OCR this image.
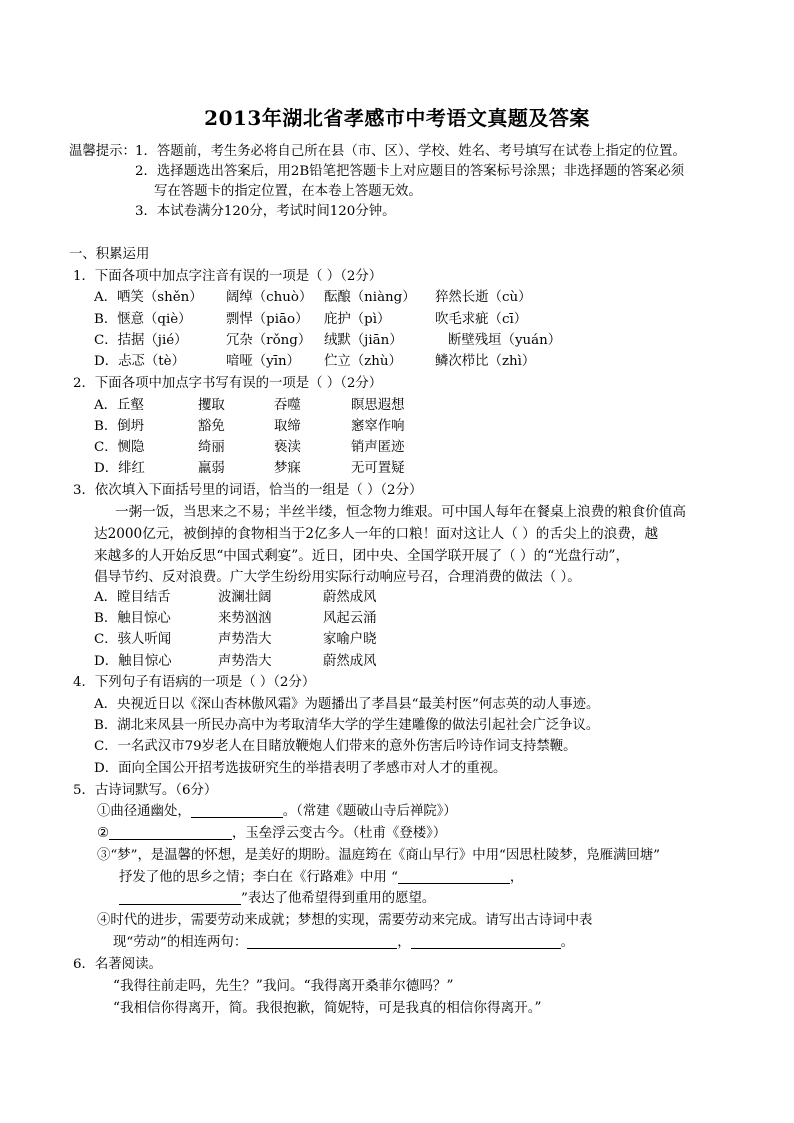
2013年湖北省孝感市中考语文真题及答案
温馨提示： 1．答题前，考生务必将自己所在县（市、区）、学校、姓名、考号填写在试卷上指定的位置。
2．选择题选出答案后，用2B铅笔把答题卡上对应题目的答案标号涂黑；非选择题的答案必须
写在答题卡的指定位置，在本卷上答题无效。
3．本试卷满分120分，考试时间120分钟。
一、积累运用
1．下面各项中加点字注音有误的一项是（ ）（2分）
A．哂笑（shěn） 阔绰（chuò） 酝酿（niàng） 猝然长逝（cù）
B．惬意（qiè）	剽悍（piāo） 庇护（pì）	吹毛求疵（cī）
C．拮据（jié）	冗杂（rǒng） 绒默（jiān）	断壁残垣（yuán）
D．忐忑（tè）	喑哑（yīn） 伫立（zhù） 鳞次栉比（zhì）
2．下面各项中加点字书写有误的一项是（ ）（2分）
A．丘壑	攫取	吞噬	瞑思遐想
B．倒坍	豁免	取缔	窸窣作响
C．恻隐	绮丽	亵渎	销声匿迹
D．绯红	羸弱	梦寐	无可置疑
3．依次填入下面括号里的词语，恰当的一组是（ ）（2分）
一粥一饭，当思来之不易；半丝半缕，恒念物力维艰。可中国人每年在餐桌上浪费的粮食价值高
达2000亿元，被倒掉的食物相当于2亿多人一年的口粮！面对这让人（ ）的舌尖上的浪费，越
来越多的人开始反思“中国式剩宴”。近日，团中央、全国学联开展了（ ）的“光盘行动”，
倡导节约、反对浪费。广大学生纷纷用实际行动响应号召，合理消费的做法（ ）。
A．瞠目结舌	波澜壮阔	蔚然成风
B．触目惊心	来势汹汹	风起云涌
C．骇人听闻	声势浩大	家喻户晓
D．触目惊心	声势浩大	蔚然成风
4．下列句子有语病的一项是（ ）（2分）
A．央视近日以《深山杏林傲风霜》为题播出了孝昌县“最美村医”何志英的动人事迹。
B．湖北来凤县一所民办高中为考取清华大学的学生建雕像的做法引起社会广泛争议。
C．一名武汉市79岁老人在目睹放鞭炮人们带来的意外伤害后吟诗作词支持禁鞭。
D．面向全国公开招考选拔研究生的举措表明了孝感市对人才的重视。
5．古诗词默写。（6分）
①曲径通幽处，	。（常建《题破山寺后禅院》）
②	，玉垒浮云变古今。（杜甫《登楼》）
③“梦”，是温馨的怀想，是美好的期盼。温庭筠在《商山早行》中用“因思杜陵梦，凫雁满回塘”
抒发了他的思乡之情；李白在《行路难》中用 “	，
”表达了他希望得到重用的愿望。
④时代的进步，需要劳动来成就；梦想的实现，需要劳动来完成。请写出古诗词中表
现“劳动”的相连两句：	，	。
6．名著阅读。
“我得往前走吗，先生？”我问。“我得离开桑菲尔德吗？”
“我相信你得离开，简。我很抱歉，简妮特，可是我真的相信你得离开。”
